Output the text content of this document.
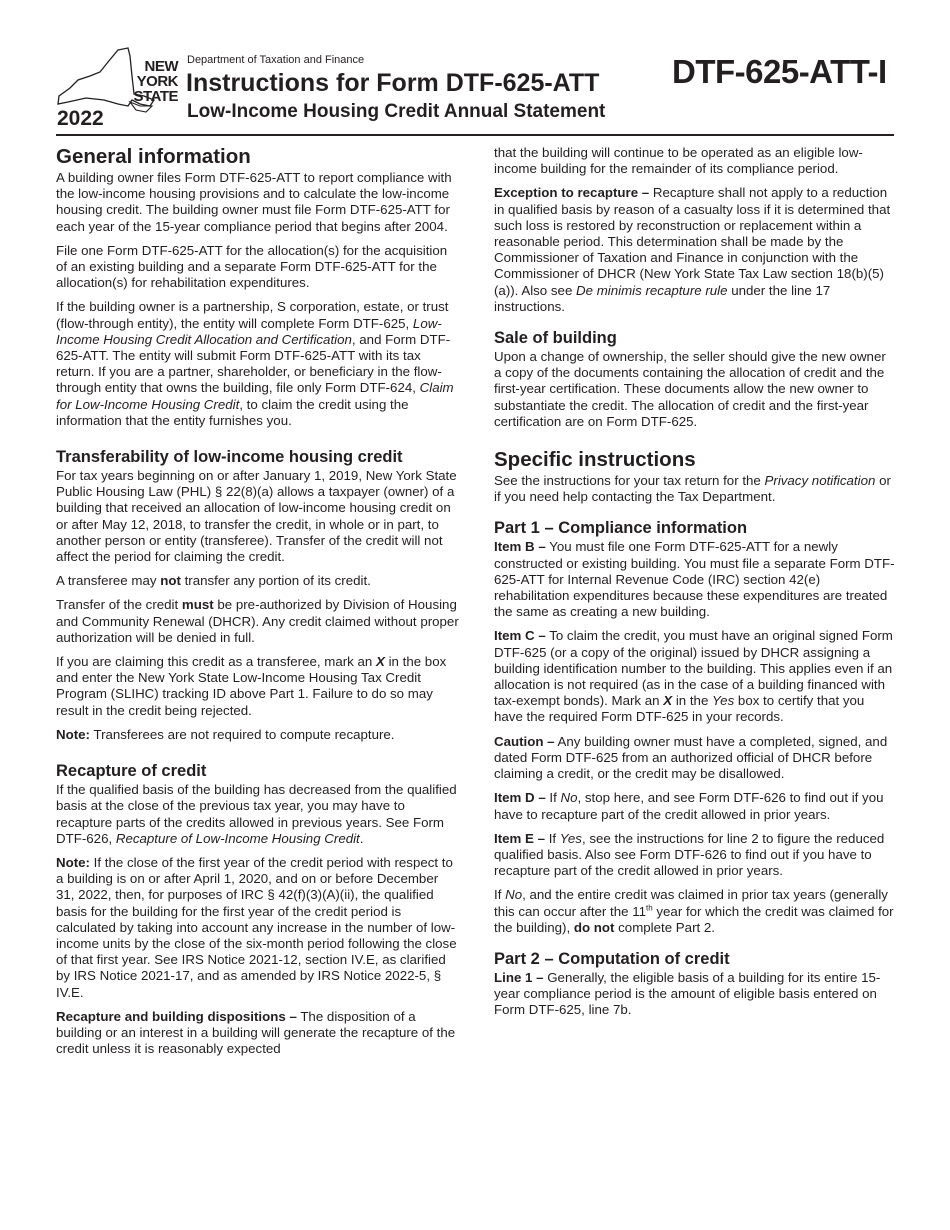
NEW
YORK
STATE
2022
Department of Taxation and Finance
Instructions for Form DTF-625-ATT
Low-Income Housing Credit Annual Statement
DTF-625-ATT-I
General information

A building owner files Form DTF-625-ATT to report compliance with the low-income housing provisions and to calculate the low-income housing credit. The building owner must file Form DTF-625-ATT for each year of the 15-year compliance period that begins after 2004.

File one Form DTF-625-ATT for the allocation(s) for the acquisition of an existing building and a separate Form DTF-625-ATT for the allocation(s) for rehabilitation expenditures.

If the building owner is a partnership, S corporation, estate, or trust (flow-through entity), the entity will complete Form DTF-625, Low-Income Housing Credit Allocation and Certification, and Form DTF-625-ATT. The entity will submit Form DTF-625-ATT with its tax return. If you are a partner, shareholder, or beneficiary in the flow-through entity that owns the building, file only Form DTF-624, Claim for Low-Income Housing Credit, to claim the credit using the information that the entity furnishes you.

Transferability of low-income housing credit

For tax years beginning on or after January 1, 2019, New York State Public Housing Law (PHL) § 22(8)(a) allows a taxpayer (owner) of a building that received an allocation of low-income housing credit on or after May 12, 2018, to transfer the credit, in whole or in part, to another person or entity (transferee). Transfer of the credit will not affect the period for claiming the credit.

A transferee may not transfer any portion of its credit.

Transfer of the credit must be pre-authorized by Division of Housing and Community Renewal (DHCR). Any credit claimed without proper authorization will be denied in full.

If you are claiming this credit as a transferee, mark an X in the box and enter the New York State Low-Income Housing Tax Credit Program (SLIHC) tracking ID above Part 1. Failure to do so may result in the credit being rejected.

Note: Transferees are not required to compute recapture.

Recapture of credit

If the qualified basis of the building has decreased from the qualified basis at the close of the previous tax year, you may have to recapture parts of the credits allowed in previous years. See Form DTF-626, Recapture of Low-Income Housing Credit.

Note: If the close of the first year of the credit period with respect to a building is on or after April 1, 2020, and on or before December 31, 2022, then, for purposes of IRC § 42(f)(3)(A)(ii), the qualified basis for the building for the first year of the credit period is calculated by taking into account any increase in the number of low-income units by the close of the six-month period following the close of that first year. See IRS Notice 2021-12, section IV.E, as clarified by IRS Notice 2021-17, and as amended by IRS Notice 2022-5, § IV.E.

Recapture and building dispositions – The disposition of a building or an interest in a building will generate the recapture of the credit unless it is reasonably expected

that the building will continue to be operated as an eligible low-income building for the remainder of its compliance period.

Exception to recapture – Recapture shall not apply to a reduction in qualified basis by reason of a casualty loss if it is determined that such loss is restored by reconstruction or replacement within a reasonable period. This determination shall be made by the Commissioner of Taxation and Finance in conjunction with the Commissioner of DHCR (New York State Tax Law section 18(b)(5)(a)). Also see De minimis recapture rule under the line 17 instructions.

Sale of building

Upon a change of ownership, the seller should give the new owner a copy of the documents containing the allocation of credit and the first-year certification. These documents allow the new owner to substantiate the credit. The allocation of credit and the first-year certification are on Form DTF-625.

Specific instructions

See the instructions for your tax return for the Privacy notification or if you need help contacting the Tax Department.

Part 1 – Compliance information

Item B – You must file one Form DTF-625-ATT for a newly constructed or existing building. You must file a separate Form DTF-625-ATT for Internal Revenue Code (IRC) section 42(e) rehabilitation expenditures because these expenditures are treated the same as creating a new building.

Item C – To claim the credit, you must have an original signed Form DTF-625 (or a copy of the original) issued by DHCR assigning a building identification number to the building. This applies even if an allocation is not required (as in the case of a building financed with tax-exempt bonds). Mark an X in the Yes box to certify that you have the required Form DTF-625 in your records.

Caution – Any building owner must have a completed, signed, and dated Form DTF-625 from an authorized official of DHCR before claiming a credit, or the credit may be disallowed.

Item D – If No, stop here, and see Form DTF-626 to find out if you have to recapture part of the credit allowed in prior years.

Item E – If Yes, see the instructions for line 2 to figure the reduced qualified basis. Also see Form DTF-626 to find out if you have to recapture part of the credit allowed in prior years.

If No, and the entire credit was claimed in prior tax years (generally this can occur after the 11th year for which the credit was claimed for the building), do not complete Part 2.

Part 2 – Computation of credit

Line 1 – Generally, the eligible basis of a building for its entire 15-year compliance period is the amount of eligible basis entered on Form DTF-625, line 7b.
